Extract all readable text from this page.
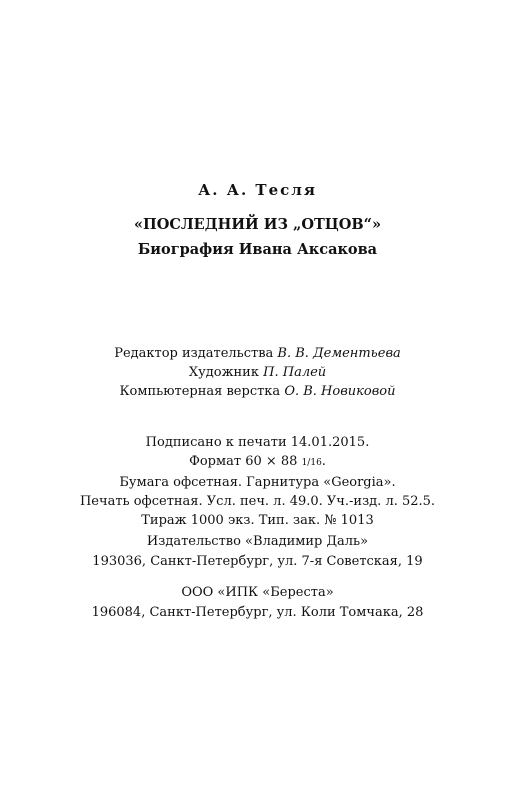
А. А. Тесля
«ПОСЛЕДНИЙ ИЗ „ОТЦОВ“»
Биография Ивана Аксакова
Редактор издательства В. В. Дементьева
Художник П. Палей
Компьютерная верстка О. В. Новиковой
Подписано к печати 14.01.2015.
Формат 60 × 88 1/16.
Бумага офсетная. Гарнитура «Georgia».
Печать офсетная. Усл. печ. л. 49.0. Уч.-изд. л. 52.5.
Тираж 1000 экз. Тип. зак. № 1013
Издательство «Владимир Даль»
193036, Санкт-Петербург, ул. 7-я Советская, 19
ООО «ИПК «Береста»
196084, Санкт-Петербург, ул. Коли Томчака, 28
